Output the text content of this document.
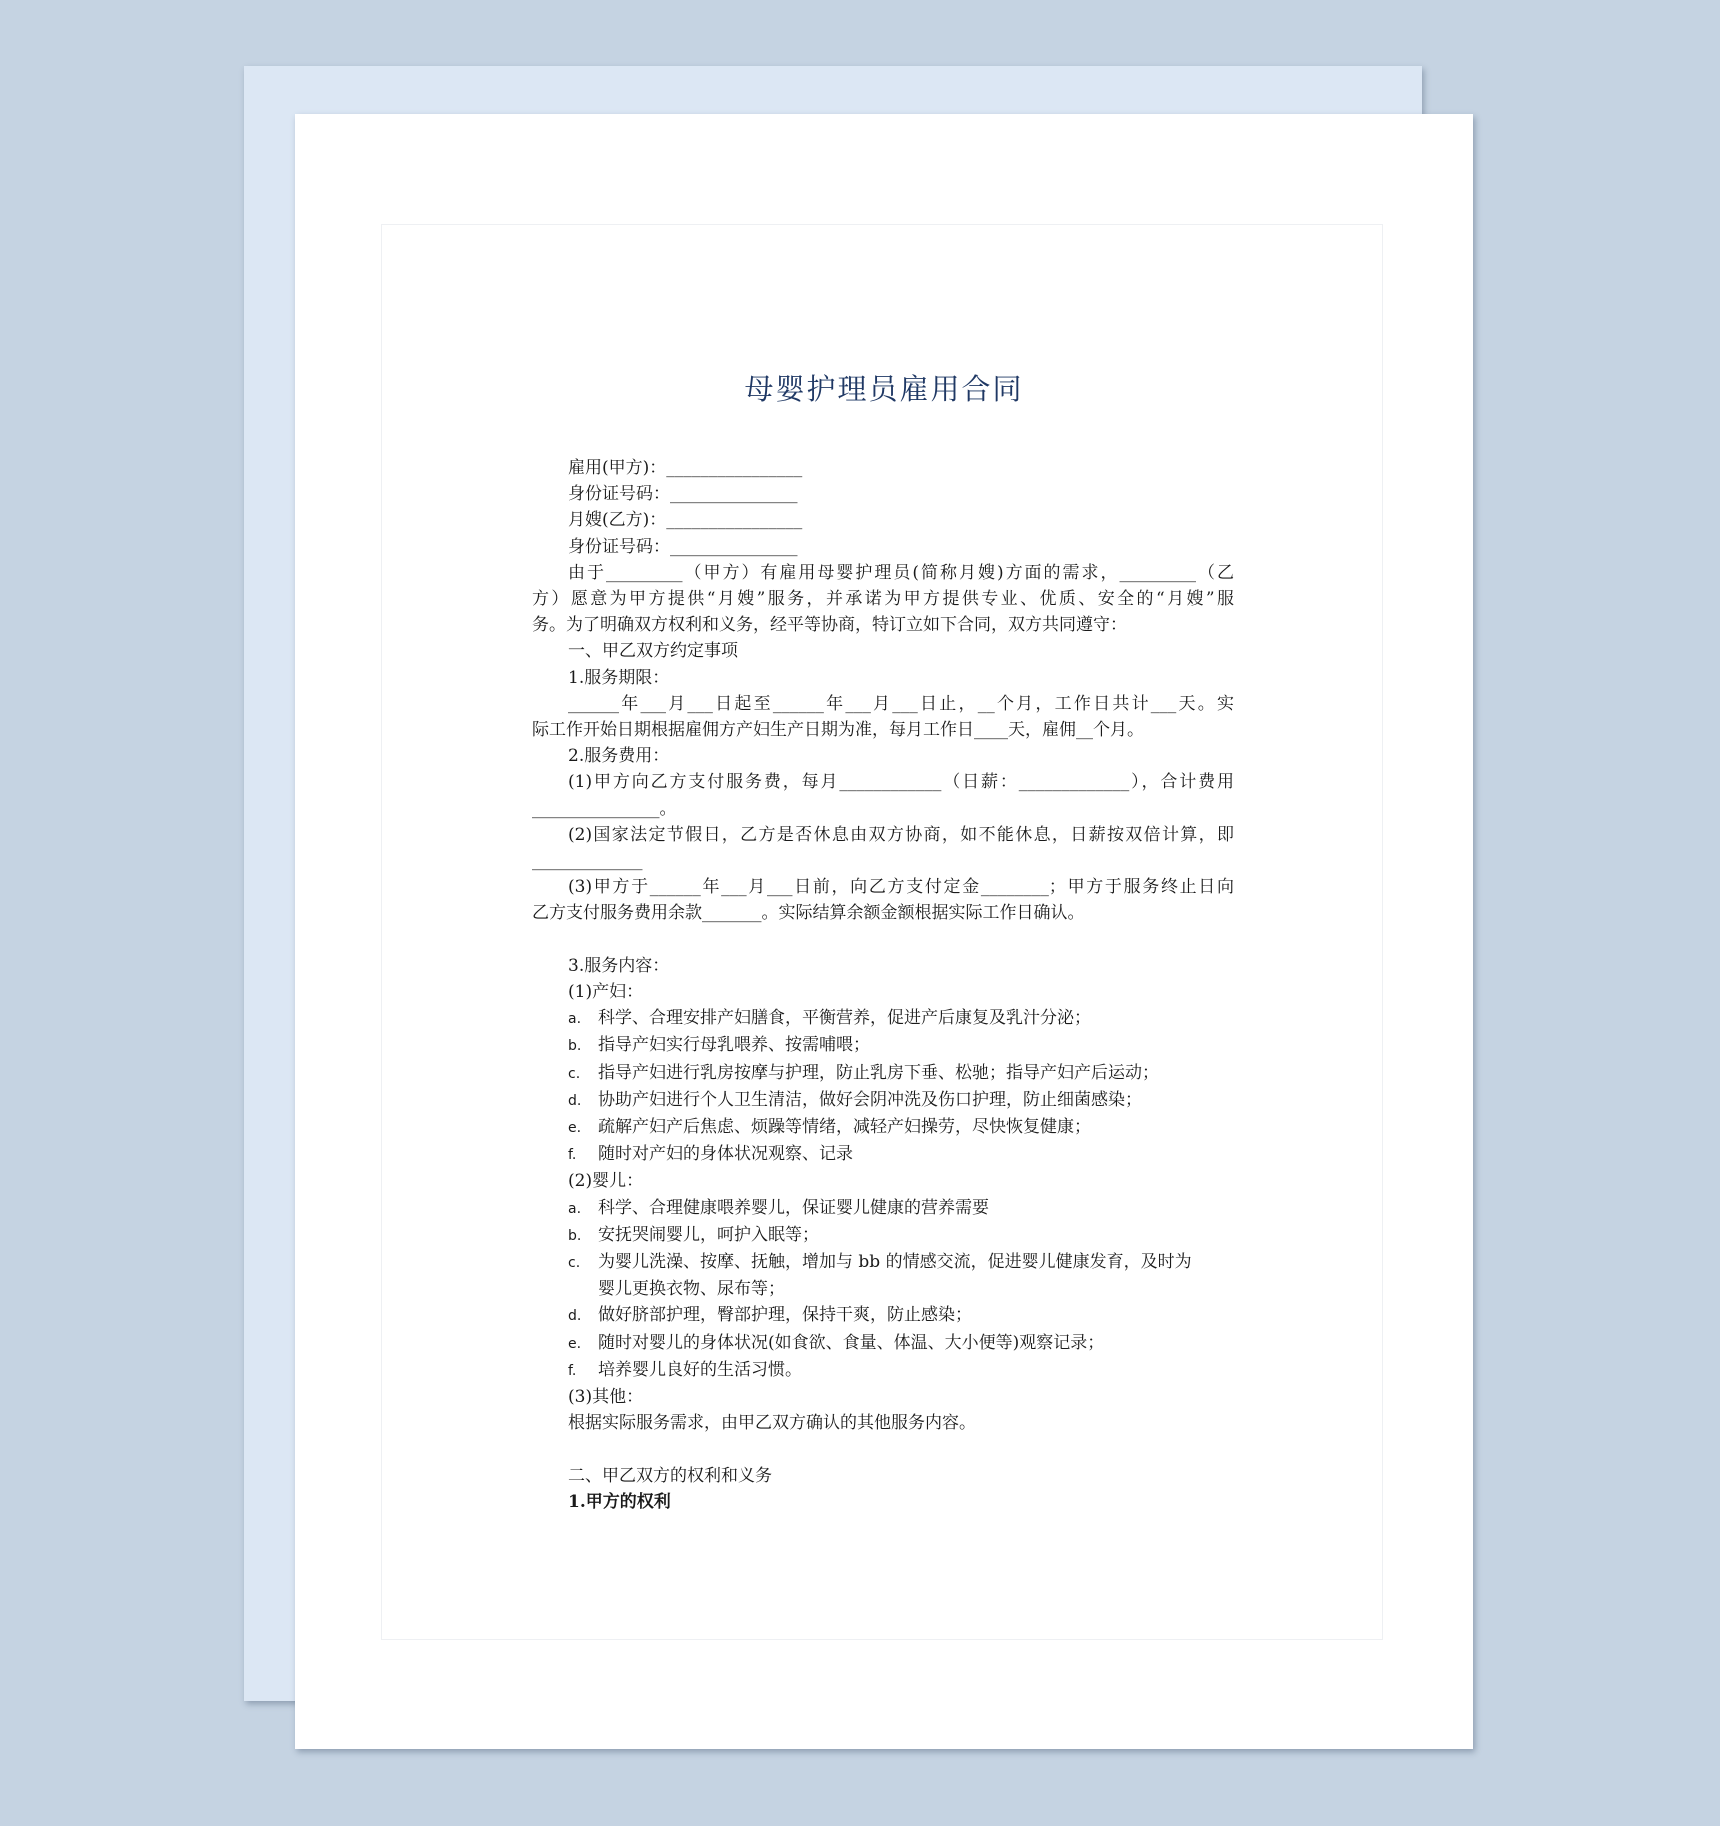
母婴护理员雇用合同
雇用(甲方)：________________
身份证号码：_______________
月嫂(乙方)：________________
身份证号码：_______________
由于_________（甲方）有雇用母婴护理员(简称月嫂)方面的需求，_________（乙
方）愿意为甲方提供“月嫂”服务，并承诺为甲方提供专业、优质、安全的“月嫂”服
务。为了明确双方权利和义务，经平等协商，特订立如下合同，双方共同遵守：
一、甲乙双方约定事项
1.服务期限：
______年___月___日起至______年___月___日止，__个月，工作日共计___天。实
际工作开始日期根据雇佣方产妇生产日期为准，每月工作日____天，雇佣__个月。
2.服务费用：
(1)甲方向乙方支付服务费，每月____________（日薪：_____________），合计费用
_______________。
(2)国家法定节假日，乙方是否休息由双方协商，如不能休息，日薪按双倍计算，即
_____________
(3)甲方于______年___月___日前，向乙方支付定金________；甲方于服务终止日向
乙方支付服务费用余款_______。实际结算余额金额根据实际工作日确认。
3.服务内容：
(1)产妇：
a. 科学、合理安排产妇膳食，平衡营养，促进产后康复及乳汁分泌；
b. 指导产妇实行母乳喂养、按需哺喂；
c. 指导产妇进行乳房按摩与护理，防止乳房下垂、松驰；指导产妇产后运动；
d. 协助产妇进行个人卫生清洁，做好会阴冲洗及伤口护理，防止细菌感染；
e. 疏解产妇产后焦虑、烦躁等情绪，减轻产妇操劳，尽快恢复健康；
f. 随时对产妇的身体状况观察、记录
(2)婴儿：
a. 科学、合理健康喂养婴儿，保证婴儿健康的营养需要
b. 安抚哭闹婴儿，呵护入眠等；
c. 为婴儿洗澡、按摩、抚触，增加与 bb 的情感交流，促进婴儿健康发育，及时为
婴儿更换衣物、尿布等；
d. 做好脐部护理，臀部护理，保持干爽，防止感染；
e. 随时对婴儿的身体状况(如食欲、食量、体温、大小便等)观察记录；
f. 培养婴儿良好的生活习惯。
(3)其他：
根据实际服务需求，由甲乙双方确认的其他服务内容。
二、甲乙双方的权利和义务
1.甲方的权利
